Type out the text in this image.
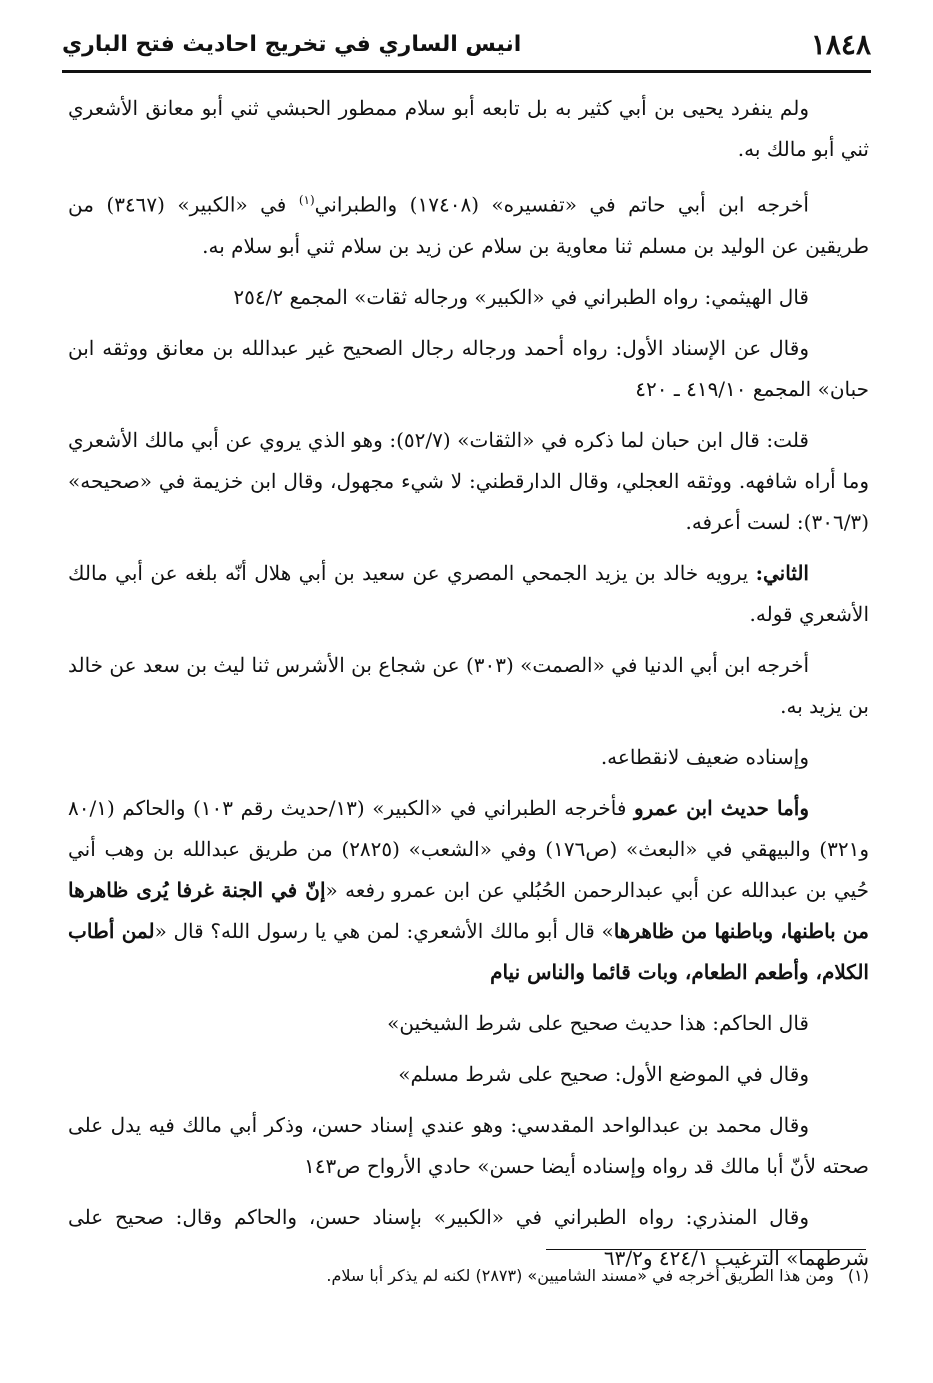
١٨٤٨
انيس الساري في تخريج احاديث فتح الباري

ولم ينفرد يحيى بن أبي كثير به بل تابعه أبو سلام ممطور الحبشي ثني أبو معانق الأشعري ثني أبو مالك به.

أخرجه ابن أبي حاتم في «تفسيره» (١٧٤٠٨) والطبراني$^{(١)}$ في «الكبير» (٣٤٦٧) من طريقين عن الوليد بن مسلم ثنا معاوية بن سلام عن زيد بن سلام ثني أبو سلام به.

قال الهيثمي: رواه الطبراني في «الكبير» ورجاله ثقات» المجمع ٢٥٤/٢

وقال عن الإسناد الأول: رواه أحمد ورجاله رجال الصحيح غير عبدالله بن معانق ووثقه ابن حبان» المجمع ٤١٩/١٠ ـ ٤٢٠

قلت: قال ابن حبان لما ذكره في «الثقات» (٥٢/٧): وهو الذي يروي عن أبي مالك الأشعري وما أراه شافهه. ووثقه العجلي، وقال الدارقطني: لا شيء مجهول، وقال ابن خزيمة في «صحيحه» (٣٠٦/٣): لست أعرفه.

الثاني: يرويه خالد بن يزيد الجمحي المصري عن سعيد بن أبي هلال أنّه بلغه عن أبي مالك الأشعري قوله.

أخرجه ابن أبي الدنيا في «الصمت» (٣٠٣) عن شجاع بن الأشرس ثنا ليث بن سعد عن خالد بن يزيد به.

وإسناده ضعيف لانقطاعه.

وأما حديث ابن عمرو فأخرجه الطبراني في «الكبير» (١٣/حديث رقم ١٠٣) والحاكم (٨٠/١ و٣٢١) والبيهقي في «البعث» (ص١٧٦) وفي «الشعب» (٢٨٢٥) من طريق عبدالله بن وهب أني حُيي بن عبدالله عن أبي عبدالرحمن الحُبُلي عن ابن عمرو رفعه «إنّ في الجنة غرفا يُرى ظاهرها من باطنها، وباطنها من ظاهرها» قال أبو مالك الأشعري: لمن هي يا رسول الله؟ قال «لمن أطاب الكلام، وأطعم الطعام، وبات قائما والناس نيام

قال الحاكم: هذا حديث صحيح على شرط الشيخين»

وقال في الموضع الأول: صحيح على شرط مسلم»

وقال محمد بن عبدالواحد المقدسي: وهو عندي إسناد حسن، وذكر أبي مالك فيه يدل على صحته لأنّ أبا مالك قد رواه وإسناده أيضا حسن» حادي الأرواح ص١٤٣

وقال المنذري: رواه الطبراني في «الكبير» بإسناد حسن، والحاكم وقال: صحيح على شرطهما» الترغيب ٤٢٤/١ و٦٣/٢

(١)ومن هذا الطريق أخرجه في «مسند الشاميين» (٢٨٧٣) لكنه لم يذكر أبا سلام.
